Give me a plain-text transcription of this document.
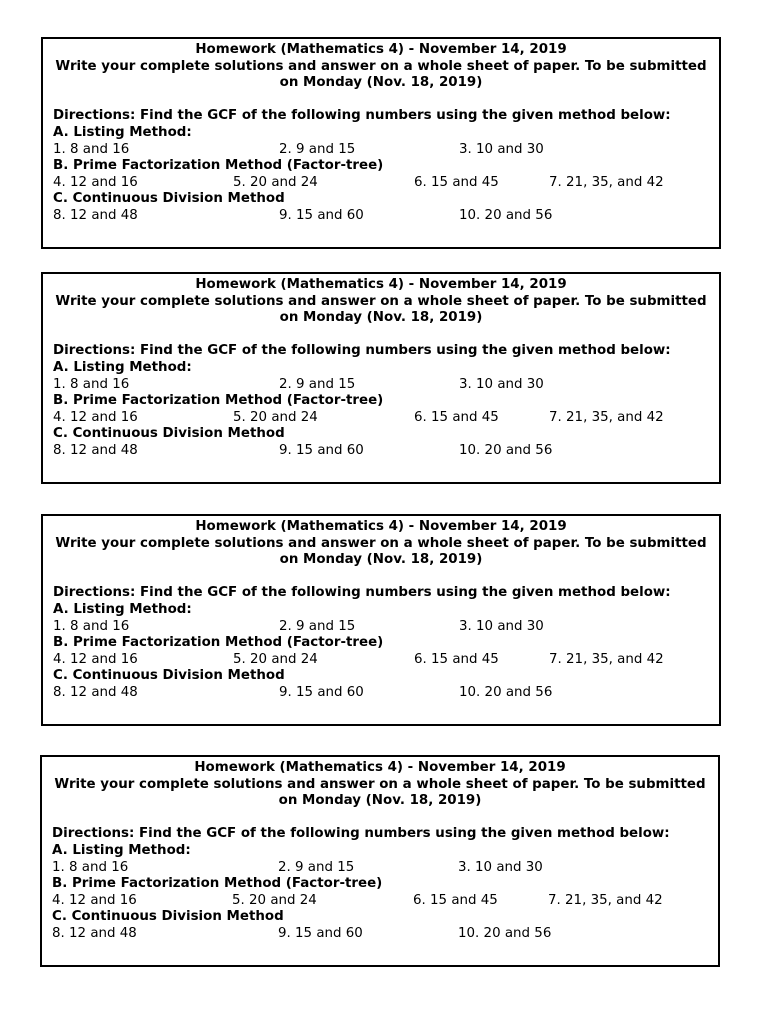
Homework (Mathematics 4) - November 14, 2019
Write your complete solutions and answer on a whole sheet of paper. To be submitted
on Monday (Nov. 18, 2019)
Directions: Find the GCF of the following numbers using the given method below:
A. Listing Method:
1. 8 and 16	2. 9 and 15	3. 10 and 30
B. Prime Factorization Method (Factor-tree)
4. 12 and 16	5. 20 and 24	6. 15 and 45	7. 21, 35, and 42
C. Continuous Division Method
8. 12 and 48	9. 15 and 60	10. 20 and 56
Homework (Mathematics 4) - November 14, 2019
Write your complete solutions and answer on a whole sheet of paper. To be submitted
on Monday (Nov. 18, 2019)
Directions: Find the GCF of the following numbers using the given method below:
A. Listing Method:
1. 8 and 16	2. 9 and 15	3. 10 and 30
B. Prime Factorization Method (Factor-tree)
4. 12 and 16	5. 20 and 24	6. 15 and 45	7. 21, 35, and 42
C. Continuous Division Method
8. 12 and 48	9. 15 and 60	10. 20 and 56
Homework (Mathematics 4) - November 14, 2019
Write your complete solutions and answer on a whole sheet of paper. To be submitted
on Monday (Nov. 18, 2019)
Directions: Find the GCF of the following numbers using the given method below:
A. Listing Method:
1. 8 and 16	2. 9 and 15	3. 10 and 30
B. Prime Factorization Method (Factor-tree)
4. 12 and 16	5. 20 and 24	6. 15 and 45	7. 21, 35, and 42
C. Continuous Division Method
8. 12 and 48	9. 15 and 60	10. 20 and 56
Homework (Mathematics 4) - November 14, 2019
Write your complete solutions and answer on a whole sheet of paper. To be submitted
on Monday (Nov. 18, 2019)
Directions: Find the GCF of the following numbers using the given method below:
A. Listing Method:
1. 8 and 16	2. 9 and 15	3. 10 and 30
B. Prime Factorization Method (Factor-tree)
4. 12 and 16	5. 20 and 24	6. 15 and 45	7. 21, 35, and 42
C. Continuous Division Method
8. 12 and 48	9. 15 and 60	10. 20 and 56
